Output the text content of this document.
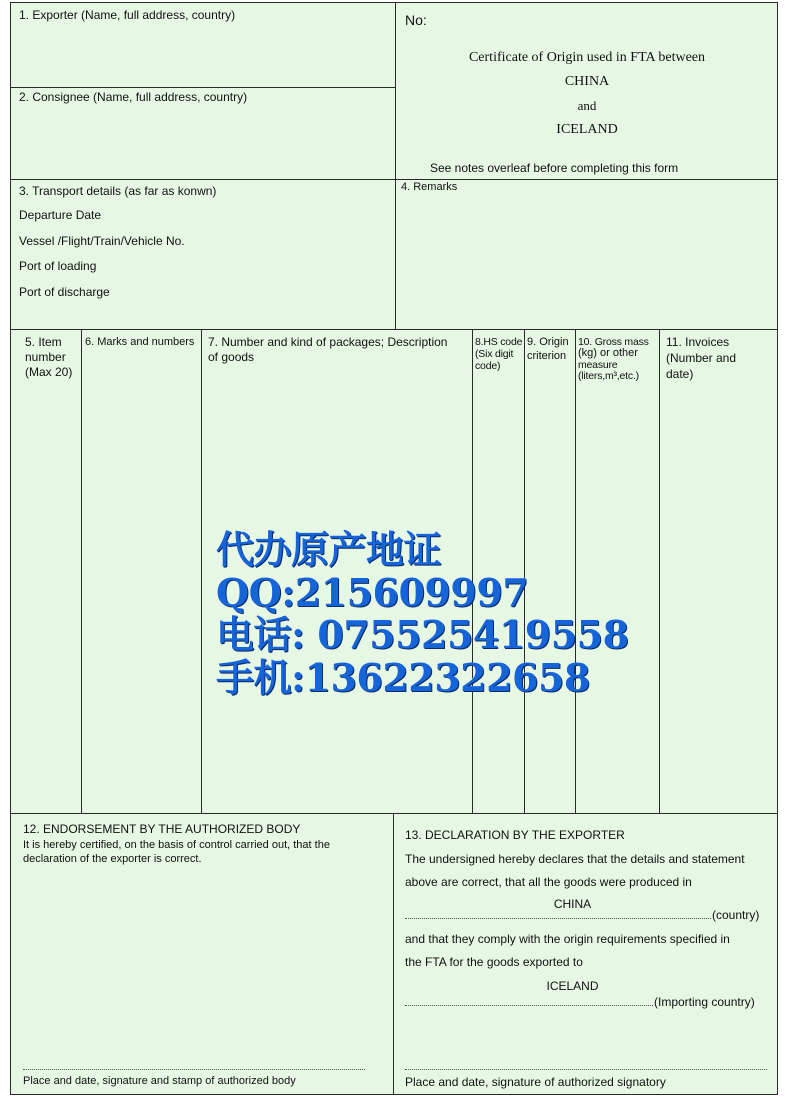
1. Exporter (Name, full address, country)
2. Consignee (Name, full address, country)
No:
Certificate of Origin used in FTA between
CHINA
and
ICELAND
See notes overleaf before completing this form
3. Transport details (as far as konwn)
Departure Date
Vessel /Flight/Train/Vehicle No.
Port of loading
Port of discharge
4. Remarks
5. Item
number
(Max 20)
6. Marks and numbers 7. Number and kind of packages; Description
of goods
8.HS code
(Six digit
code)
9. Origin
criterion
10. Gross mass
(kg) or other
measure
(liters,m³,etc.)
11. Invoices
(Number and
date)
12. ENDORSEMENT BY THE AUTHORIZED BODY
It is hereby certified, on the basis of control carried out, that the
declaration of the exporter is correct.
Place and date, signature and stamp of authorized body
13. DECLARATION BY THE EXPORTER
The undersigned hereby declares that the details and statement
above are correct, that all the goods were produced in
CHINA
(country)
and that they comply with the origin requirements specified in
the FTA for the goods exported to
ICELAND
(Importing country)
Place and date, signature of authorized signatory
代办原产地证
QQ:215609997
电话: 075525419558
手机:13622322658
